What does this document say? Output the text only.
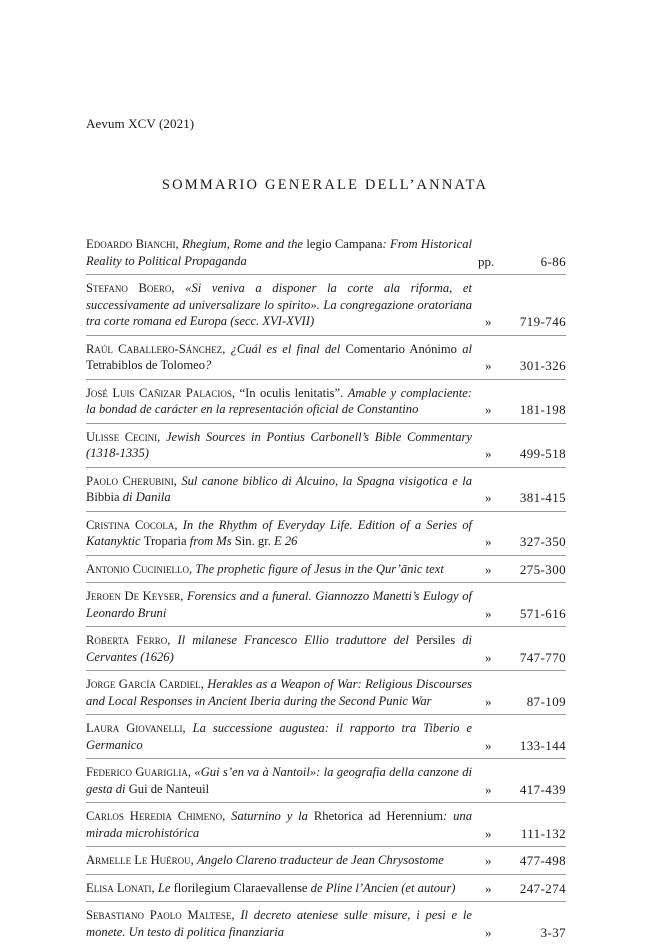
Aevum XCV (2021)
SOMMARIO GENERALE DELL’ANNATA
Edoardo Bianchi, Rhegium, Rome and the legio Campana: From Historical Reality to Political Propaganda	pp.	6-86
Stefano Boero, «Si veniva a disponer la corte ala riforma, et successivamente ad universalizare lo spirito». La congregazione oratoriana tra corte romana ed Europa (secc. XVI-XVII)	»	719-746
Raúl Caballero-Sánchez, ¿Cuál es el final del Comentario Anónimo al Tetrabiblos de Tolomeo?	»	301-326
José Luis Cañizar Palacios, “In oculis lenitatis”. Amable y complaciente: la bondad de carácter en la representación oficial de Constantino	»	181-198
Ulisse Cecini, Jewish Sources in Pontius Carbonell’s Bible Commentary (1318-1335)	»	499-518
Paolo Cherubini, Sul canone biblico di Alcuino, la Spagna visigotica e la Bibbia di Danila	»	381-415
Cristina Cocola, In the Rhythm of Everyday Life. Edition of a Series of Katanyktic Troparia from Ms Sin. gr. E 26	»	327-350
Antonio Cuciniello, The prophetic figure of Jesus in the Qur’ānic text	»	275-300
Jeroen De Keyser, Forensics and a funeral. Giannozzo Manetti’s Eulogy of Leonardo Bruni	»	571-616
Roberta Ferro, Il milanese Francesco Ellio traduttore del Persiles di Cervantes (1626)	»	747-770
Jorge García Cardiel, Herakles as a Weapon of War: Religious Discourses and Local Responses in Ancient Iberia during the Second Punic War	»	87-109
Laura Giovanelli, La successione augustea: il rapporto tra Tiberio e Germanico	»	133-144
Federico Guariglia, «Gui s’en va à Nantoil»: la geografia della canzone di gesta di Gui de Nanteuil	»	417-439
Carlos Heredia Chimeno, Saturnino y la Rhetorica ad Herennium: una mirada microhistórica	»	111-132
Armelle Le Huërou, Angelo Clareno traducteur de Jean Chrysostome	»	477-498
Elisa Lonati, Le florilegium Claraevallense de Pline l’Ancien (et autour)	»	247-274
Sebastiano Paolo Maltese, Il decreto ateniese sulle misure, i pesi e le monete. Un testo di politica finanziaria	»	3-37
